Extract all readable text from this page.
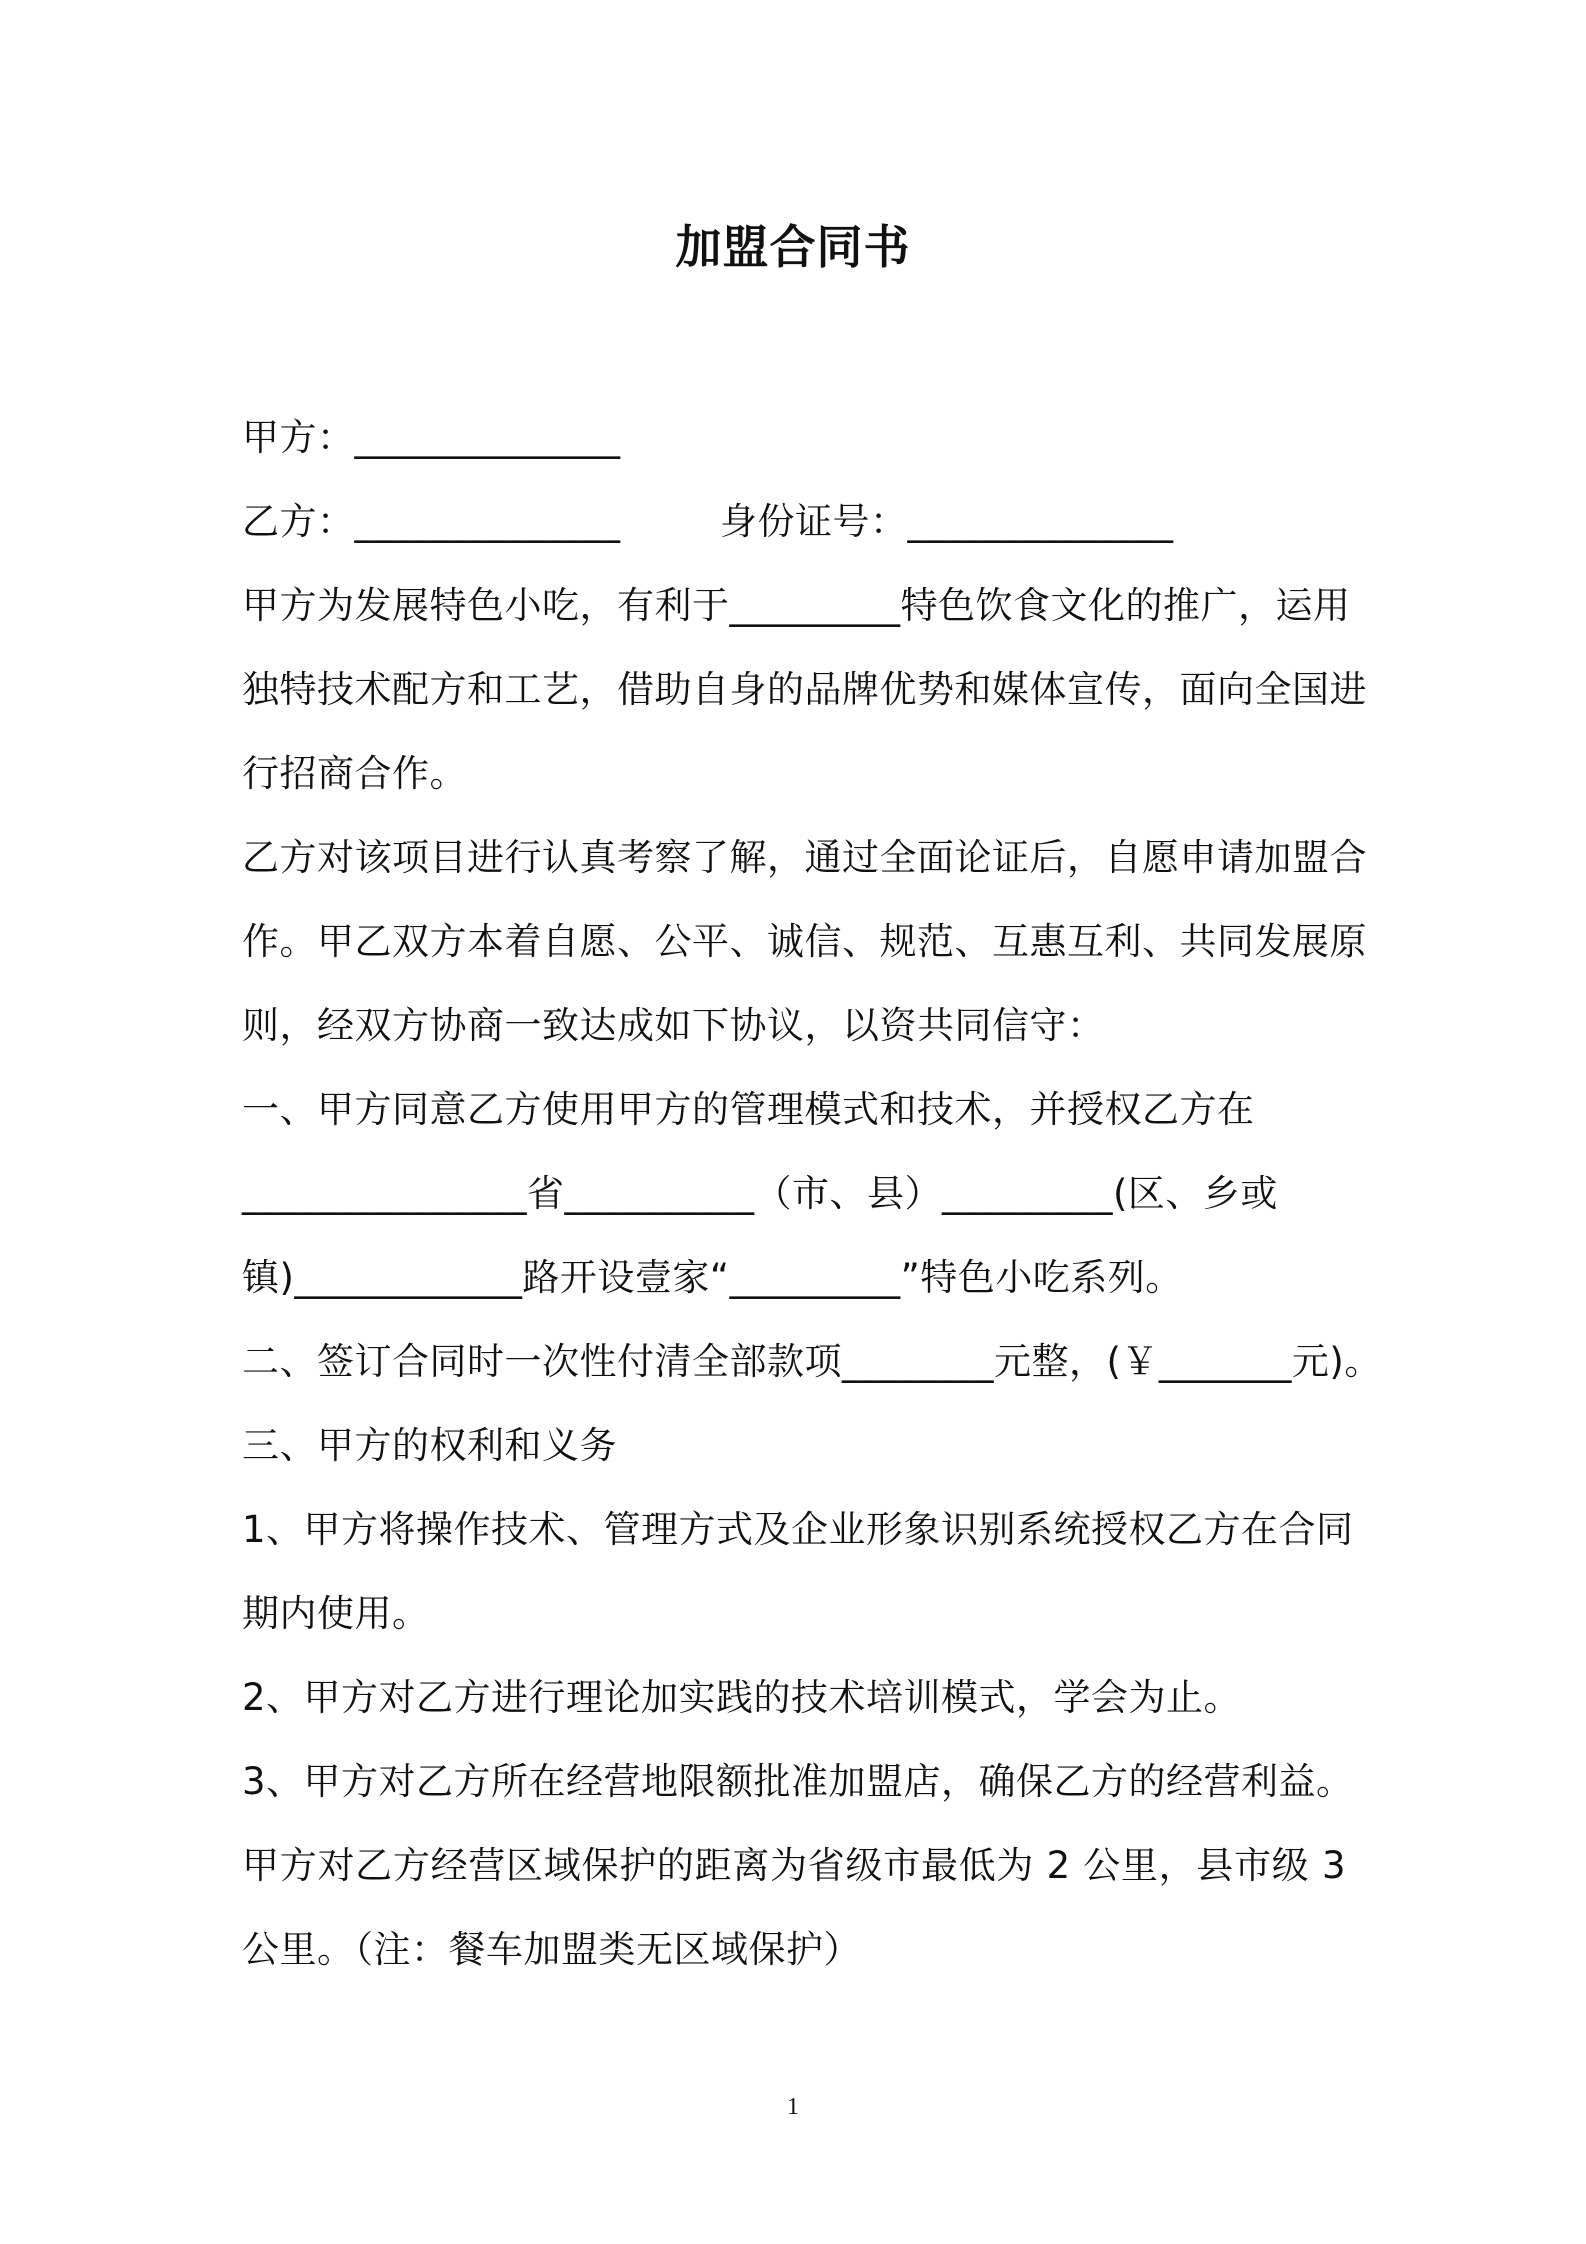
加盟合同书
甲方：______________
乙方：______________	身份证号：______________
甲方为发展特色小吃，有利于_________特色饮食文化的推广，运用
独特技术配方和工艺，借助自身的品牌优势和媒体宣传，面向全国进
行招商合作。
乙方对该项目进行认真考察了解，通过全面论证后，自愿申请加盟合
作。甲乙双方本着自愿、公平、诚信、规范、互惠互利、共同发展原
则，经双方协商一致达成如下协议，以资共同信守：
一、甲方同意乙方使用甲方的管理模式和技术，并授权乙方在
_______________省__________（市、县）_________(区、乡或
镇)____________路开设壹家“_________”特色小吃系列。
二、签订合同时一次性付清全部款项________元整，(￥_______元)。
三、甲方的权利和义务
1、甲方将操作技术、管理方式及企业形象识别系统授权乙方在合同
期内使用。
2、甲方对乙方进行理论加实践的技术培训模式，学会为止。
3、甲方对乙方所在经营地限额批准加盟店，确保乙方的经营利益。
甲方对乙方经营区域保护的距离为省级市最低为 2 公里，县市级 3
公里。（注：餐车加盟类无区域保护）
1
